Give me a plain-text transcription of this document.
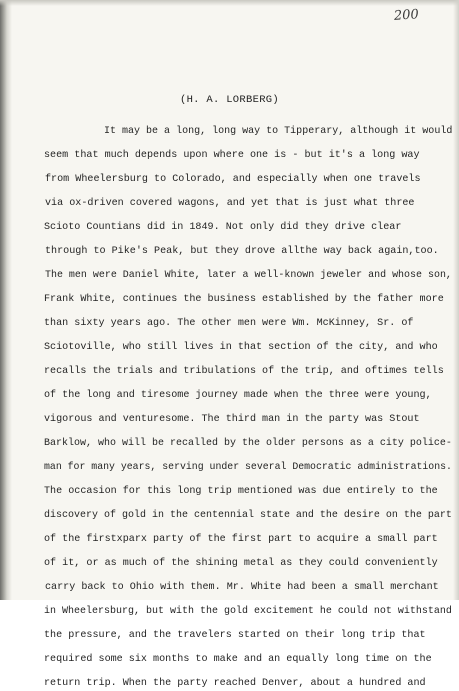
200
(H. A. LORBERG)
It may be a long, long way to Tipperary, although it would
seem that much depends upon where one is - but it's a long way
from Wheelersburg to Colorado, and especially when one travels
via ox-driven covered wagons, and yet that is just what three
Scioto Countians did in 1849. Not only did they drive clear
through to Pike's Peak, but they drove allthe way back again,too.
The men were Daniel White, later a well-known jeweler and whose son,
Frank White, continues the business established by the father more
than sixty years ago. The other men were Wm. McKinney, Sr. of
Sciotoville, who still lives in that section of the city, and who
recalls the trials and tribulations of the trip, and oftimes tells
of the long and tiresome journey made when the three were young,
vigorous and venturesome. The third man in the party was Stout
Barklow, who will be recalled by the older persons as a city police-
man for many years, serving under several Democratic administrations.
The occasion for this long trip mentioned was due entirely to the
discovery of gold in the centennial state and the desire on the part
of the firstxparx party of the first part to acquire a small part
of it, or as much of the shining metal as they could conveniently
carry back to Ohio with them. Mr. White had been a small merchant
in Wheelersburg, but with the gold excitement he could not withstand
the pressure, and the travelers started on their long trip that
required some six months to make and an equally long time on the
return trip. When the party reached Denver, about a hundred and
